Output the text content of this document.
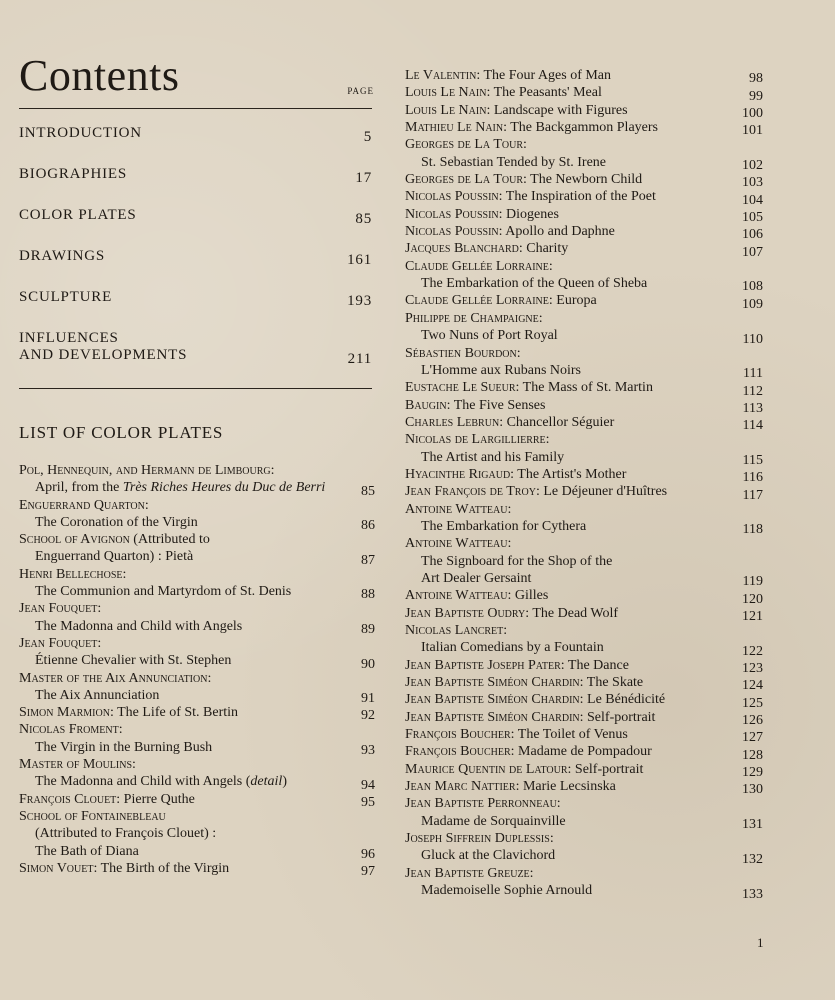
Contents	PAGE
INTRODUCTION	5
BIOGRAPHIES	17
COLOR PLATES	85
DRAWINGS	161
SCULPTURE	193
INFLUENCES
AND DEVELOPMENTS	211
LIST OF COLOR PLATES
Pol, Hennequin, and Hermann de Limbourg:
April, from the Très Riches Heures du Duc de Berri	85
Enguerrand Quarton:
The Coronation of the Virgin	86
School of Avignon (Attributed to
Enguerrand Quarton) : Pietà	87
Henri Bellechose:
The Communion and Martyrdom of St. Denis	88
Jean Fouquet:
The Madonna and Child with Angels	89
Jean Fouquet:
Étienne Chevalier with St. Stephen	90
Master of the Aix Annunciation:
The Aix Annunciation	91
Simon Marmion: The Life of St. Bertin	92
Nicolas Froment:
The Virgin in the Burning Bush	93
Master of Moulins:
The Madonna and Child with Angels (detail)	94
François Clouet: Pierre Quthe	95
School of Fontainebleau
(Attributed to François Clouet) :
The Bath of Diana	96
Simon Vouet: The Birth of the Virgin	97
Le Valentin: The Four Ages of Man	98
Louis Le Nain: The Peasants' Meal	99
Louis Le Nain: Landscape with Figures	100
Mathieu Le Nain: The Backgammon Players	101
Georges de La Tour:
St. Sebastian Tended by St. Irene	102
Georges de La Tour: The Newborn Child	103
Nicolas Poussin: The Inspiration of the Poet	104
Nicolas Poussin: Diogenes	105
Nicolas Poussin: Apollo and Daphne	106
Jacques Blanchard: Charity	107
Claude Gellée Lorraine:
The Embarkation of the Queen of Sheba	108
Claude Gellée Lorraine: Europa	109
Philippe de Champaigne:
Two Nuns of Port Royal	110
Sébastien Bourdon:
L'Homme aux Rubans Noirs	111
Eustache Le Sueur: The Mass of St. Martin	112
Baugin: The Five Senses	113
Charles Lebrun: Chancellor Séguier	114
Nicolas de Largillierre:
The Artist and his Family	115
Hyacinthe Rigaud: The Artist's Mother	116
Jean François de Troy: Le Déjeuner d'Huîtres	117
Antoine Watteau:
The Embarkation for Cythera	118
Antoine Watteau:
The Signboard for the Shop of the
Art Dealer Gersaint	119
Antoine Watteau: Gilles	120
Jean Baptiste Oudry: The Dead Wolf	121
Nicolas Lancret:
Italian Comedians by a Fountain	122
Jean Baptiste Joseph Pater: The Dance	123
Jean Baptiste Siméon Chardin: The Skate	124
Jean Baptiste Siméon Chardin: Le Bénédicité	125
Jean Baptiste Siméon Chardin: Self-portrait	126
François Boucher: The Toilet of Venus	127
François Boucher: Madame de Pompadour	128
Maurice Quentin de Latour: Self-portrait	129
Jean Marc Nattier: Marie Lecsinska	130
Jean Baptiste Perronneau:
Madame de Sorquainville	131
Joseph Siffrein Duplessis:
Gluck at the Clavichord	132
Jean Baptiste Greuze:
Mademoiselle Sophie Arnould	133
1
